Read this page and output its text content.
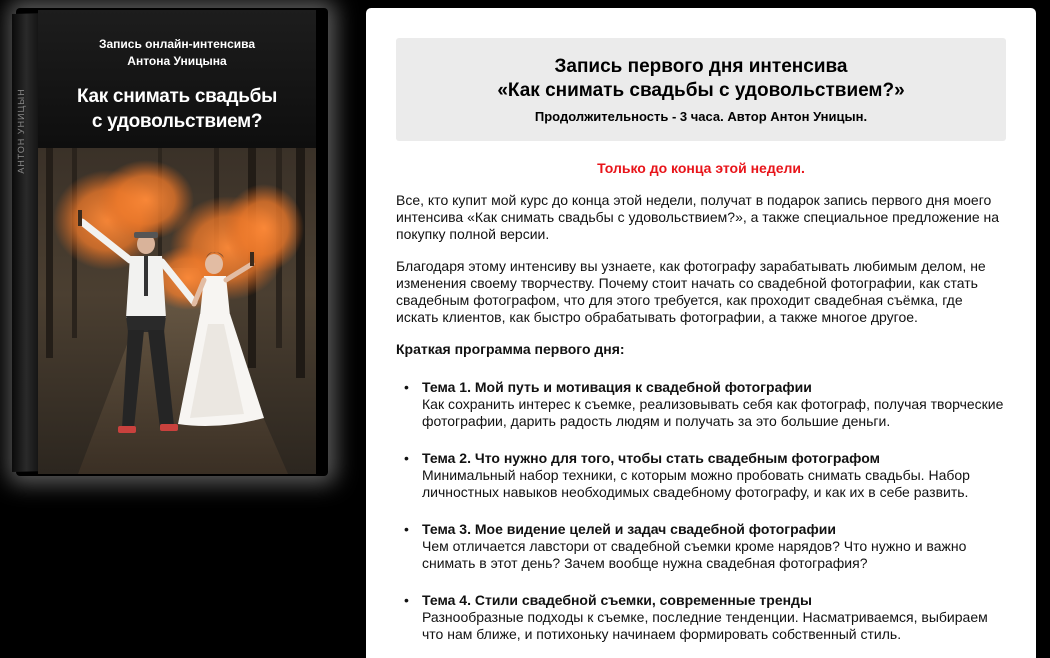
АНТОН УНИЦЫН
Запись онлайн-интенсива
Антона Уницына
Как снимать свадьбы
с удовольствием?
Запись первого дня интенсива
«Как снимать свадьбы с удовольствием?»
Продолжительность - 3 часа. Автор Антон Уницын.

Только до конца этой недели.

Все, кто купит мой курс до конца этой недели, получат в подарок запись первого дня моего интенсива «Как снимать свадьбы с удовольствием?», а также специальное предложение на покупку полной версии.

Благодаря этому интенсиву вы узнаете, как фотографу зарабатывать любимым делом, не изменения своему творчеству. Почему стоит начать со свадебной фотографии, как стать свадебным фотографом, что для этого требуется, как проходит свадебная съёмка, где искать клиентов, как быстро обрабатывать фотографии, а также многое другое.

Краткая программа первого дня:

• Тема 1. Мой путь и мотивация к свадебной фотографии
Как сохранить интерес к съемке, реализовывать себя как фотограф, получая творческие фотографии, дарить радость людям и получать за это большие деньги.
• Тема 2. Что нужно для того, чтобы стать свадебным фотографом
Минимальный набор техники, с которым можно пробовать снимать свадьбы. Набор личностных навыков необходимых свадебному фотографу, и как их в себе развить.
• Тема 3. Мое видение целей и задач свадебной фотографии
Чем отличается лавстори от свадебной съемки кроме нарядов? Что нужно и важно снимать в этот день? Зачем вообще нужна свадебная фотография?
• Тема 4. Стили свадебной съемки, современные тренды
Разнообразные подходы к съемке, последние тенденции. Насматриваемся, выбираем что нам ближе, и потихоньку начинаем формировать собственный стиль.
